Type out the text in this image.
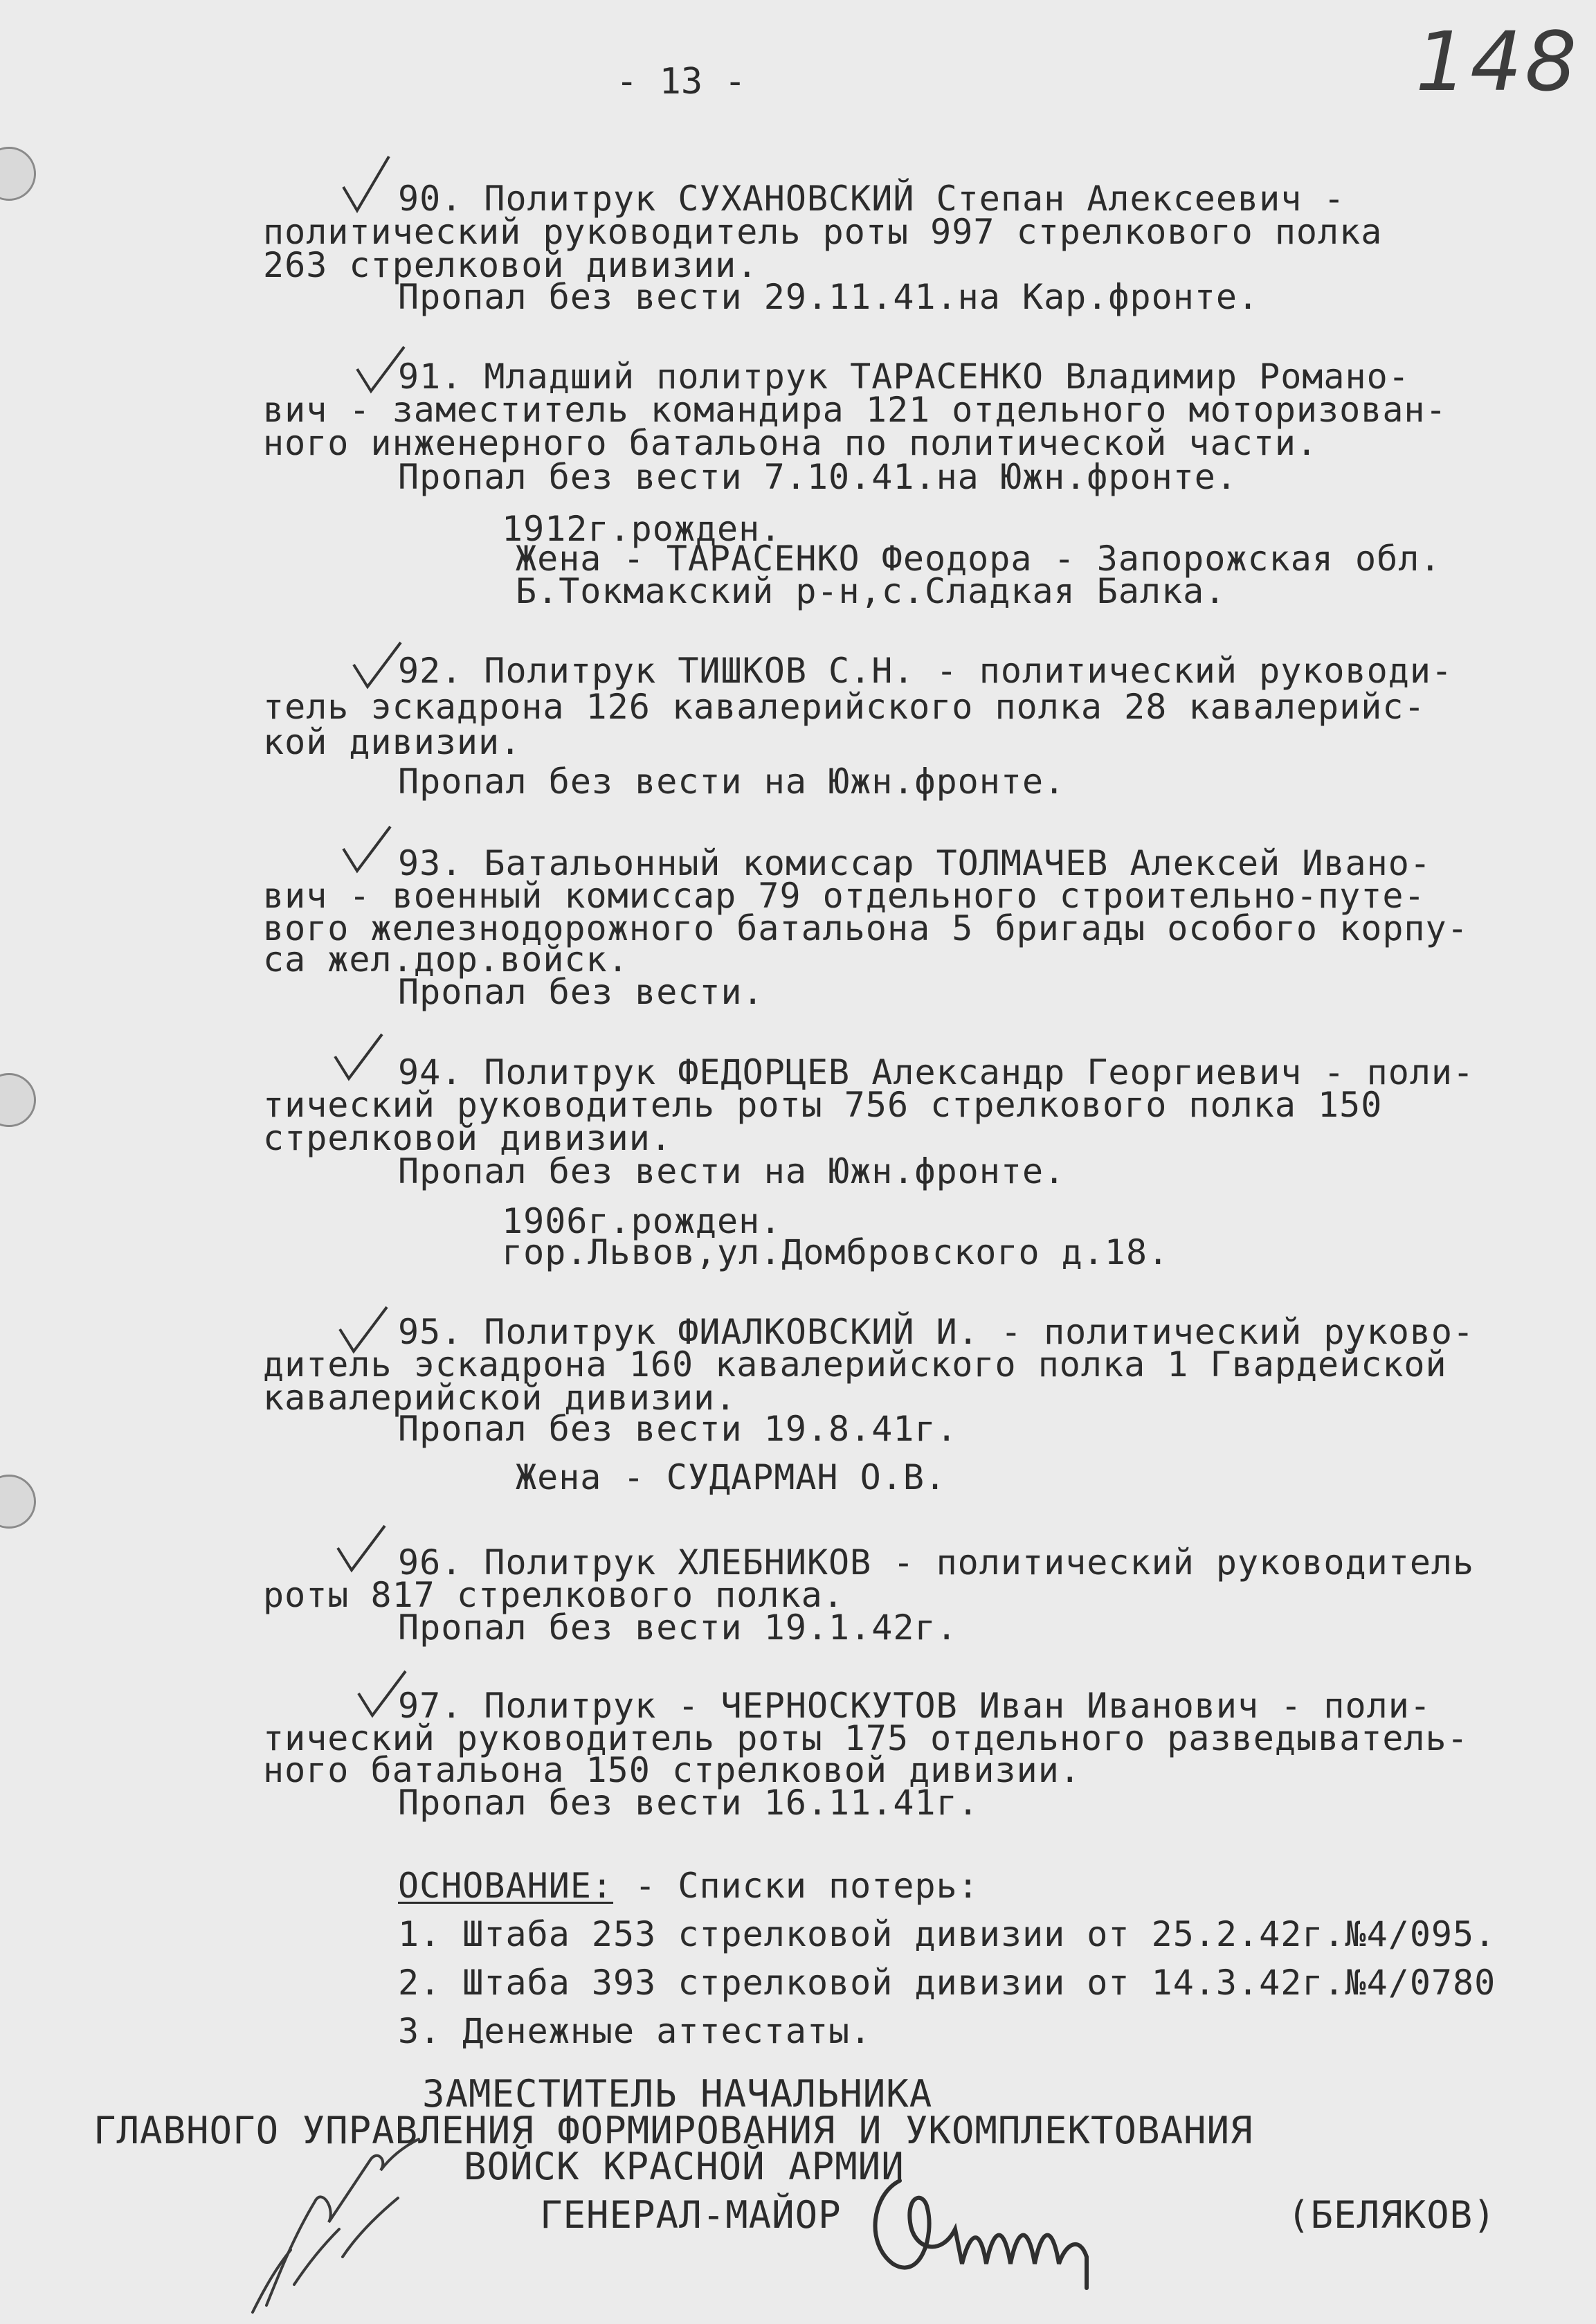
- 13 -	148
90. Политрук СУХАНОВСКИЙ Степан Алексеевич -
политический руководитель роты 997 стрелкового полка
263 стрелковой дивизии.
Пропал без вести 29.11.41.на Кар.фронте.
91. Младший политрук ТАРАСЕНКО Владимир Романо-
вич - заместитель командира 121 отдельного моторизован-
ного инженерного батальона по политической части.
Пропал без вести 7.10.41.на Южн.фронте.
1912г.рожден.
Жена - ТАРАСЕНКО Феодора - Запорожская обл.
Б.Токмакский р-н,с.Сладкая Балка.
92. Политрук ТИШКОВ С.Н. - политический руководи-
тель эскадрона 126 кавалерийского полка 28 кавалерийс-
кой дивизии.
Пропал без вести на Южн.фронте.
93. Батальонный комиссар ТОЛМАЧЕВ Алексей Ивано-
вич - военный комиссар 79 отдельного строительно-путе-
вого железнодорожного батальона 5 бригады особого корпу-
са жел.дор.войск.
Пропал без вести.
94. Политрук ФЕДОРЦЕВ Александр Георгиевич - поли-
тический руководитель роты 756 стрелкового полка 150
стрелковой дивизии.
Пропал без вести на Южн.фронте.
1906г.рожден.
гор.Львов,ул.Домбровского д.18.
95. Политрук ФИАЛКОВСКИЙ И. - политический руково-
дитель эскадрона 160 кавалерийского полка 1 Гвардейской
кавалерийской дивизии.
Пропал без вести 19.8.41г.
Жена - СУДАРМАН О.В.
96. Политрук ХЛЕБНИКОВ - политический руководитель
роты 817 стрелкового полка.
Пропал без вести 19.1.42г.
97. Политрук - ЧЕРНОСКУТОВ Иван Иванович - поли-
тический руководитель роты 175 отдельного разведыватель-
ного батальона 150 стрелковой дивизии.
Пропал без вести 16.11.41г.
ОСНОВАНИЕ: - Списки потерь:
1. Штаба 253 стрелковой дивизии от 25.2.42г.№4/095.
2. Штаба 393 стрелковой дивизии от 14.3.42г.№4/0780
3. Денежные аттестаты.
ЗАМЕСТИТЕЛЬ НАЧАЛЬНИКА
ГЛАВНОГО УПРАВЛЕНИЯ ФОРМИРОВАНИЯ И УКОМПЛЕКТОВАНИЯ
ВОЙСК КРАСНОЙ АРМИИ
ГЕНЕРАЛ-МАЙОР	(БЕЛЯКОВ)
